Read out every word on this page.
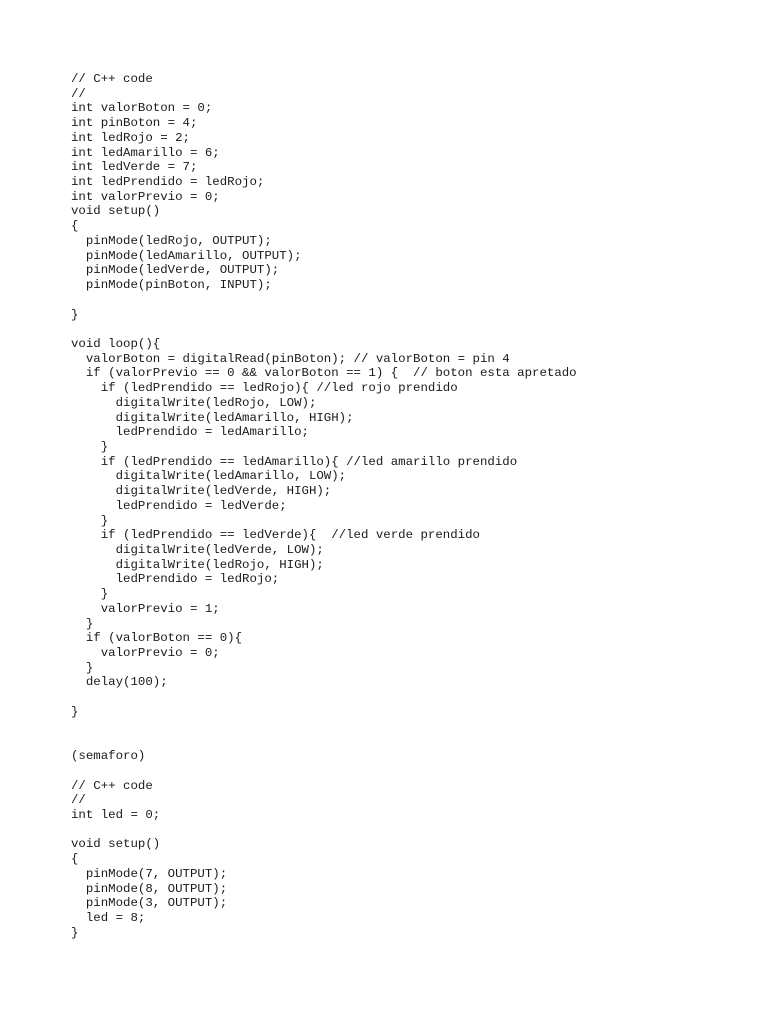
// C++ code
//
int valorBoton = 0;
int pinBoton = 4;
int ledRojo = 2;
int ledAmarillo = 6;
int ledVerde = 7;
int ledPrendido = ledRojo;
int valorPrevio = 0;
void setup()
{
pinMode(ledRojo, OUTPUT);
pinMode(ledAmarillo, OUTPUT);
pinMode(ledVerde, OUTPUT);
pinMode(pinBoton, INPUT);
}
void loop(){
valorBoton = digitalRead(pinBoton); // valorBoton = pin 4
if (valorPrevio == 0 && valorBoton == 1) {  // boton esta apretado
if (ledPrendido == ledRojo){ //led rojo prendido
digitalWrite(ledRojo, LOW);
digitalWrite(ledAmarillo, HIGH);
ledPrendido = ledAmarillo;
}
if (ledPrendido == ledAmarillo){ //led amarillo prendido
digitalWrite(ledAmarillo, LOW);
digitalWrite(ledVerde, HIGH);
ledPrendido = ledVerde;
}
if (ledPrendido == ledVerde){  //led verde prendido
digitalWrite(ledVerde, LOW);
digitalWrite(ledRojo, HIGH);
ledPrendido = ledRojo;
}
valorPrevio = 1;
}
if (valorBoton == 0){
valorPrevio = 0;
}
delay(100);
}
(semaforo)
// C++ code
//
int led = 0;
void setup()
{
pinMode(7, OUTPUT);
pinMode(8, OUTPUT);
pinMode(3, OUTPUT);
led = 8;
}
